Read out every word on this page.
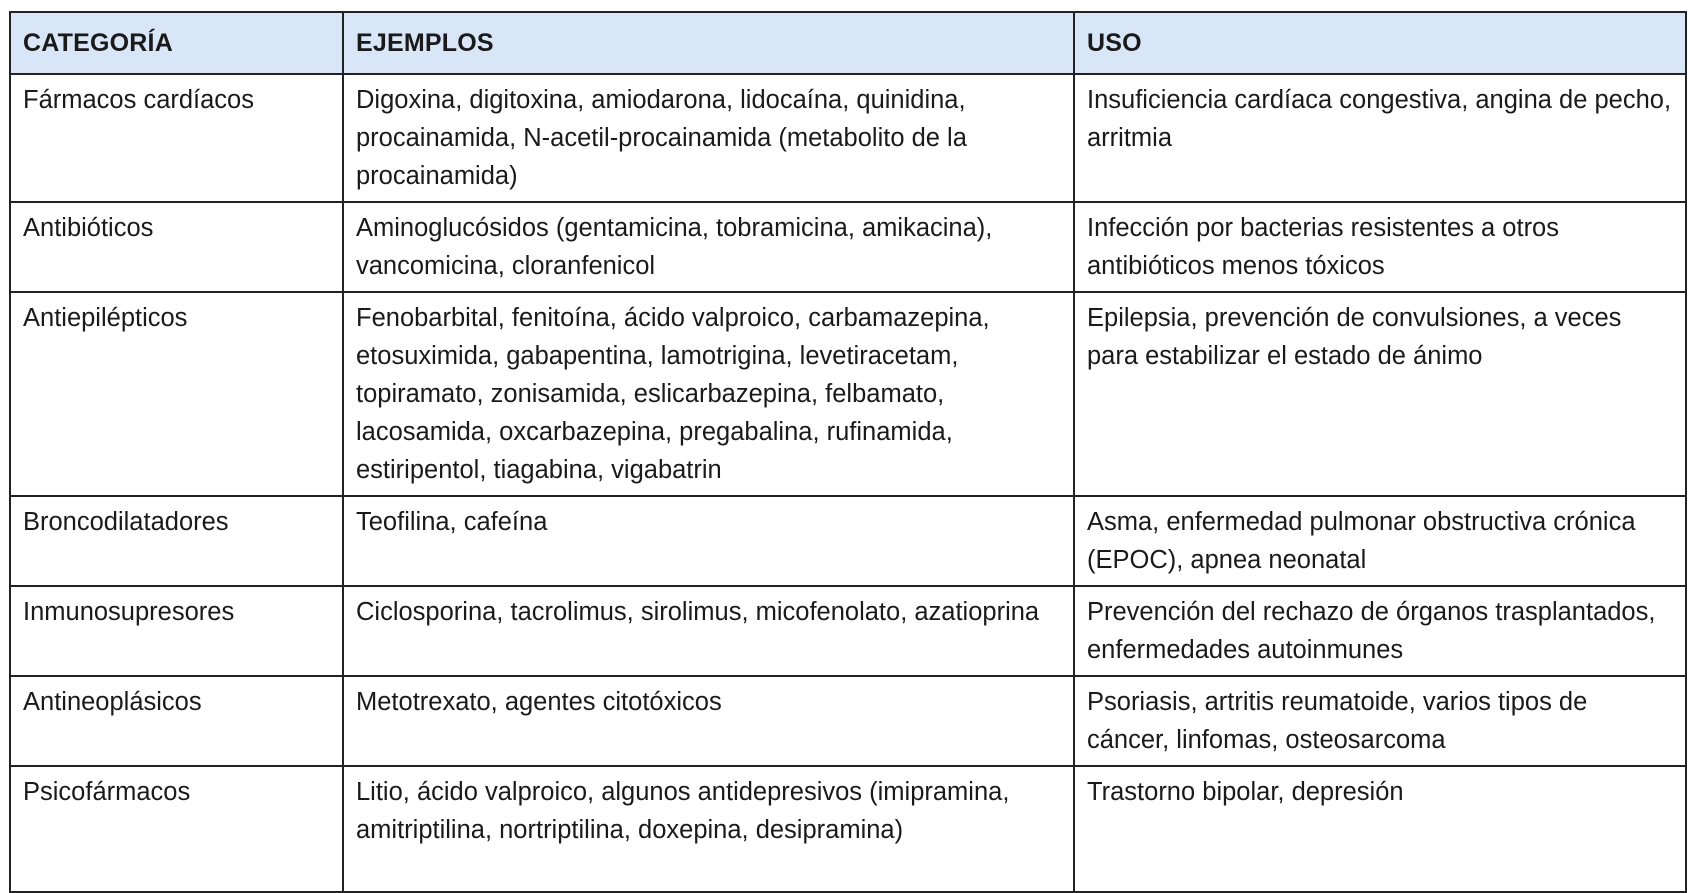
CATEGORÍA	EJEMPLOS	USO
Fármacos cardíacos	Digoxina, digitoxina, amiodarona, lidocaína, quinidina, procainamida, N-acetil-procainamida (metabolito de la procainamida)	Insuficiencia cardíaca congestiva, angina de pecho, arritmia
Antibióticos	Aminoglucósidos (gentamicina, tobramicina, amikacina), vancomicina, cloranfenicol	Infección por bacterias resistentes a otros antibióticos menos tóxicos
Antiepilépticos	Fenobarbital, fenitoína, ácido valproico, carbamazepina, etosuximida, gabapentina, lamotrigina, levetiracetam, topiramato, zonisamida, eslicarbazepina, felbamato, lacosamida, oxcarbazepina, pregabalina, rufinamida, estiripentol, tiagabina, vigabatrin	Epilepsia, prevención de convulsiones, a veces para estabilizar el estado de ánimo
Broncodilatadores	Teofilina, cafeína	Asma, enfermedad pulmonar obstructiva crónica (EPOC), apnea neonatal
Inmunosupresores	Ciclosporina, tacrolimus, sirolimus, micofenolato, azatioprina	Prevención del rechazo de órganos trasplantados, enfermedades autoinmunes
Antineoplásicos	Metotrexato, agentes citotóxicos	Psoriasis, artritis reumatoide, varios tipos de cáncer, linfomas, osteosarcoma
Psicofármacos	Litio, ácido valproico, algunos antidepresivos (imipramina, amitriptilina, nortriptilina, doxepina, desipramina)	Trastorno bipolar, depresión
